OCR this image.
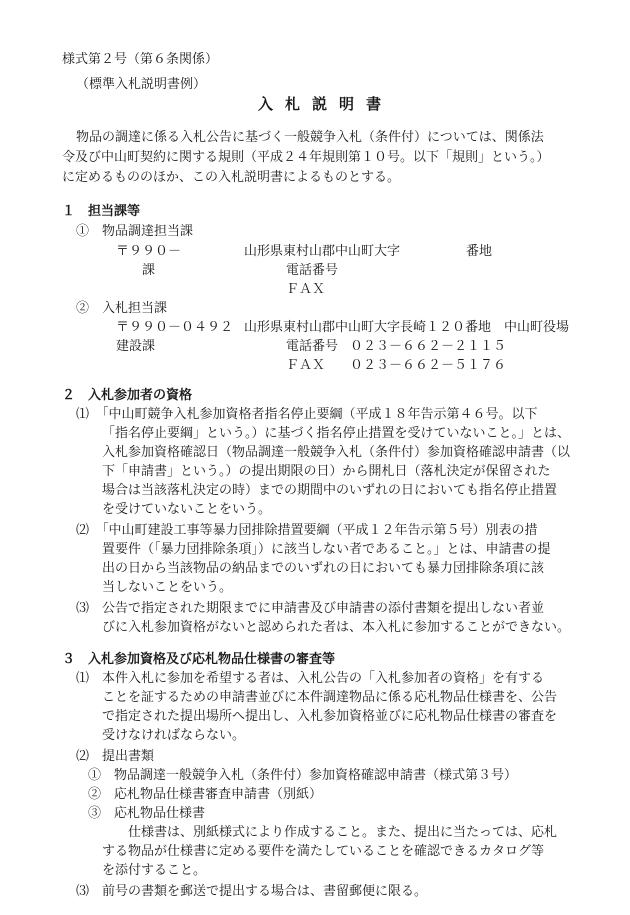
様式第２号（第６条関係）
（標準入札説明書例）
入札説明書
物品の調達に係る入札公告に基づく一般競争入札（条件付）については、関係法
令及び中山町契約に関する規則（平成２４年規則第１０号。以下「規則」という。）
に定めるもののほか、この入札説明書によるものとする。
１　担当課等
①　物品調達担当課
〒９９０－	山形県東村山郡中山町大字	番地
課	電話番号
ＦＡＸ
②　入札担当課
〒９９０－０４９２ 山形県東村山郡中山町大字長崎１２０番地　中山町役場
建設課	電話番号 ０２３－６６２－２１１５
ＦＡＸ ０２３－６６２－５１７６
２　入札参加者の資格
⑴　「中山町競争入札参加資格者指名停止要綱（平成１８年告示第４６号。以下
「指名停止要綱」という。）に基づく指名停止措置を受けていないこと。」とは、
入札参加資格確認日（物品調達一般競争入札（条件付）参加資格確認申請書（以
下「申請書」という。）の提出期限の日）から開札日（落札決定が保留された
場合は当該落札決定の時）までの期間中のいずれの日においても指名停止措置
を受けていないことをいう。
⑵　「中山町建設工事等暴力団排除措置要綱（平成１２年告示第５号）別表の措
置要件（「暴力団排除条項」）に該当しない者であること。」とは、申請書の提
出の日から当該物品の納品までのいずれの日においても暴力団排除条項に該
当しないことをいう。
⑶　公告で指定された期限までに申請書及び申請書の添付書類を提出しない者並
びに入札参加資格がないと認められた者は、本入札に参加することができない。
３　入札参加資格及び応札物品仕様書の審査等
⑴　本件入札に参加を希望する者は、入札公告の「入札参加者の資格」を有する
ことを証するための申請書並びに本件調達物品に係る応札物品仕様書を、公告
で指定された提出場所へ提出し、入札参加資格並びに応札物品仕様書の審査を
受けなければならない。
⑵　提出書類
①　物品調達一般競争入札（条件付）参加資格確認申請書（様式第３号）
②　応札物品仕様書審査申請書（別紙）
③　応札物品仕様書
仕様書は、別紙様式により作成すること。また、提出に当たっては、応札
する物品が仕様書に定める要件を満たしていることを確認できるカタログ等
を添付すること。
⑶　前号の書類を郵送で提出する場合は、書留郵便に限る。
